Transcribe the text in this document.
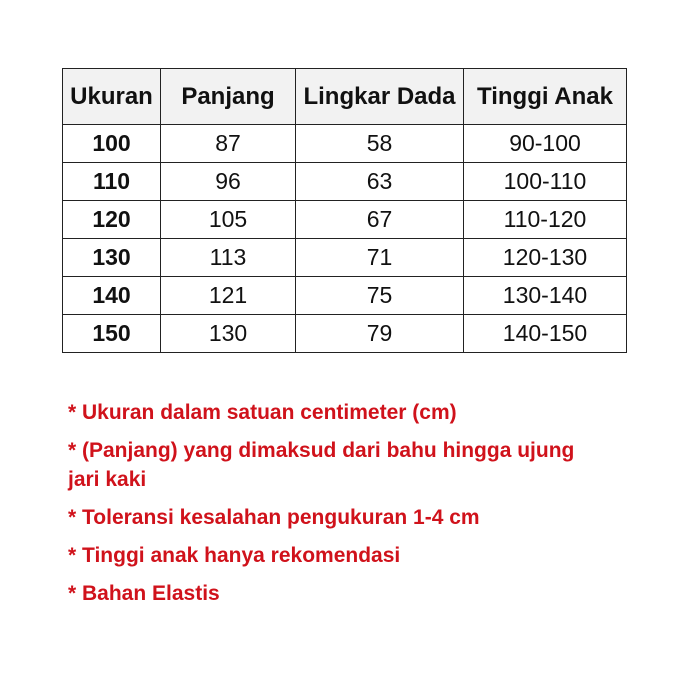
Ukuran	Panjang	Lingkar Dada	Tinggi Anak
100	87	58	90-100
110	96	63	100-110
120	105	67	110-120
130	113	71	120-130
140	121	75	130-140
150	130	79	140-150
* Ukuran dalam satuan centimeter (cm)
* (Panjang) yang dimaksud dari bahu hingga ujung jari kaki
* Toleransi kesalahan pengukuran 1-4 cm
* Tinggi anak hanya rekomendasi
* Bahan Elastis
